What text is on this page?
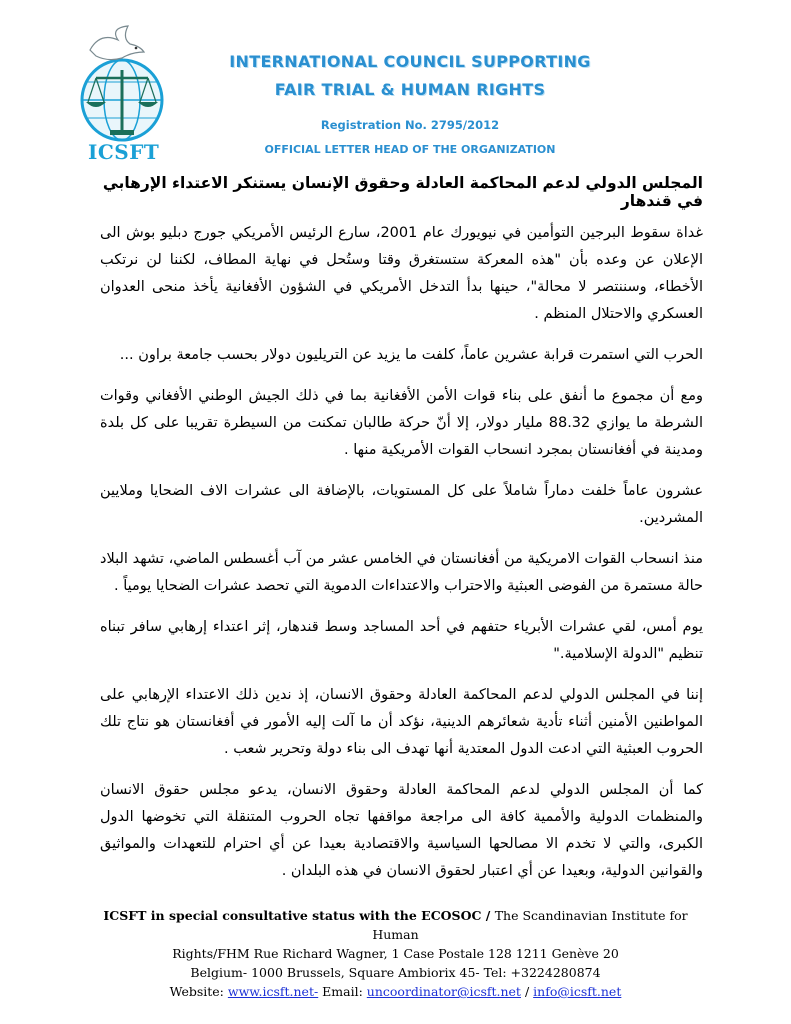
ICSFT
INTERNATIONAL COUNCIL SUPPORTING
FAIR TRIAL & HUMAN RIGHTS
Registration No. 2795/2012
OFFICIAL LETTER HEAD OF THE ORGANIZATION
المجلس الدولي لدعم المحاكمة العادلة وحقوق الإنسان يستنكر الاعتداء الإرهابي في قندهار

غداة سقوط البرجين التوأمين في نيويورك عام 2001، سارع الرئيس الأمريكي جورج دبليو بوش الى الإعلان عن وعده بأن "هذه المعركة ستستغرق وقتا وستُحل في نهاية المطاف، لكننا لن نرتكب الأخطاء، وسننتصر لا محالة"، حينها بدأ التدخل الأمريكي في الشؤون الأفغانية يأخذ منحى العدوان العسكري والاحتلال المنظم .

الحرب التي استمرت قرابة عشرين عاماً، كلفت ما يزيد عن التريليون دولار بحسب جامعة براون ...

ومع أن مجموع ما أنفق على بناء قوات الأمن الأفغانية بما في ذلك الجيش الوطني الأفغاني وقوات الشرطة ما يوازي 88.32 مليار دولار، إلا أنّ حركة طالبان تمكنت من السيطرة تقريبا على كل بلدة ومدينة في أفغانستان بمجرد انسحاب القوات الأمريكية منها .

عشرون عاماً خلفت دماراً شاملاً على كل المستويات، بالإضافة الى عشرات الاف الضحايا وملايين المشردين.

منذ انسحاب القوات الامريكية من أفغانستان في الخامس عشر من آب أغسطس الماضي، تشهد البلاد حالة مستمرة من الفوضى العبثية والاحتراب والاعتداءات الدموية التي تحصد عشرات الضحايا يومياً .

يوم أمس، لقي عشرات الأبرياء حتفهم في أحد المساجد وسط قندهار، إثر اعتداء إرهابي سافر تبناه تنظيم "الدولة الإسلامية."

إننا في المجلس الدولي لدعم المحاكمة العادلة وحقوق الانسان، إذ ندين ذلك الاعتداء الإرهابي على المواطنين الأمنين أثناء تأدية شعائرهم الدينية، نؤكد أن ما آلت إليه الأمور في أفغانستان هو نتاج تلك الحروب العبثية التي ادعت الدول المعتدية أنها تهدف الى بناء دولة وتحرير شعب .

كما أن المجلس الدولي لدعم المحاكمة العادلة وحقوق الانسان، يدعو مجلس حقوق الانسان والمنظمات الدولية والأممية كافة الى مراجعة مواقفها تجاه الحروب المتنقلة التي تخوضها الدول الكبرى، والتي لا تخدم الا مصالحها السياسية والاقتصادية بعيدا عن أي احترام للتعهدات والمواثيق والقوانين الدولية، وبعيدا عن أي اعتبار لحقوق الانسان في هذه البلدان .

ICSFT in special consultative status with the ECOSOC / The Scandinavian Institute for Human
Rights/FHM Rue Richard Wagner, 1 Case Postale 128 1211 Genève 20
Belgium- 1000 Brussels, Square Ambiorix 45- Tel: +3224280874
Website: www.icsft.net- Email: uncoordinator@icsft.net / info@icsft.net
